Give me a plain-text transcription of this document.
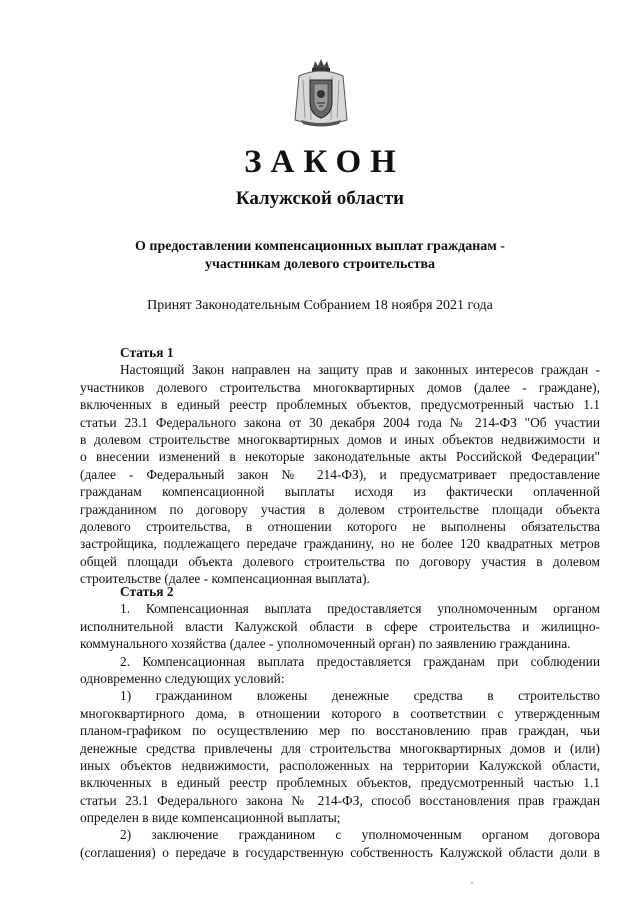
ЗАКОН
Калужской области
О предоставлении компенсационных выплат гражданам -
участникам долевого строительства
Принят Законодательным Собранием 18 ноября 2021 года
Статья 1
Настоящий Закон направлен на защиту прав и законных интересов граждан -
участников долевого строительства многоквартирных домов (далее - граждане),
включенных в единый реестр проблемных объектов, предусмотренный частью 1.1
статьи 23.1 Федерального закона от 30 декабря 2004 года № 214-ФЗ "Об участии
в долевом строительстве многоквартирных домов и иных объектов недвижимости и
о внесении изменений в некоторые законодательные акты Российской Федерации"
(далее - Федеральный закон № 214-ФЗ), и предусматривает предоставление
гражданам компенсационной выплаты исходя из фактически оплаченной
гражданином по договору участия в долевом строительстве площади объекта
долевого строительства, в отношении которого не выполнены обязательства
застройщика, подлежащего передаче гражданину, но не более 120 квадратных метров
общей площади объекта долевого строительства по договору участия в долевом
строительстве (далее - компенсационная выплата).
Статья 2
1. Компенсационная выплата предоставляется уполномоченным органом
исполнительной власти Калужской области в сфере строительства и жилищно-
коммунального хозяйства (далее - уполномоченный орган) по заявлению гражданина.
2. Компенсационная выплата предоставляется гражданам при соблюдении
одновременно следующих условий:
1) гражданином вложены денежные средства в строительство
многоквартирного дома, в отношении которого в соответствии с утвержденным
планом-графиком по осуществлению мер по восстановлению прав граждан, чьи
денежные средства привлечены для строительства многоквартирных домов и (или)
иных объектов недвижимости, расположенных на территории Калужской области,
включенных в единый реестр проблемных объектов, предусмотренный частью 1.1
статьи 23.1 Федерального закона № 214-ФЗ, способ восстановления прав граждан
определен в виде компенсационной выплаты;
2) заключение гражданином с уполномоченным органом договора
(соглашения) о передаче в государственную собственность Калужской области доли в
